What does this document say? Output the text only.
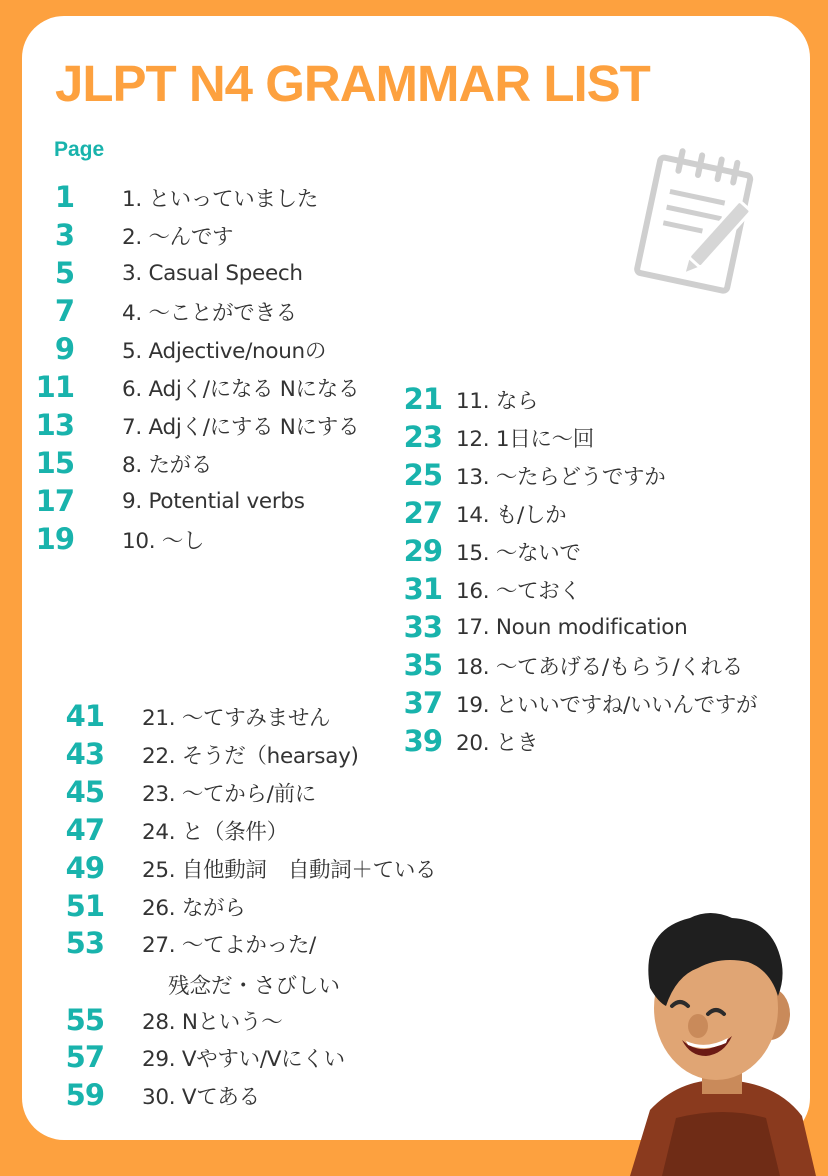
JLPT N4 GRAMMAR LIST
Page
1 1. といっていました
3 2. ～んです
5 3. Casual Speech
7 4. ～ことができる
9 5. Adjective/nounの
11 6. Adjく/になる Nになる
13 7. Adjく/にする Nにする
15 8. たがる
17 9. Potential verbs
19 10. ～し
21 11. なら
23 12. 1日に～回
25 13. ～たらどうですか
27 14. も/しか
29 15. ～ないで
31 16. ～ておく
33 17. Noun modification
35 18. ～てあげる/もらう/くれる
37 19. といいですね/いいんですが
39 20. とき
41 21. ～てすみません
43 22. そうだ（hearsay)
45 23. ～てから/前に
47 24. と（条件）
49 25. 自他動詞　自動詞＋ている
51 26. ながら
53 27. ～てよかった/
残念だ・さびしい
55 28. Nという～
57 29. Vやすい/Vにくい
59 30. Vてある
